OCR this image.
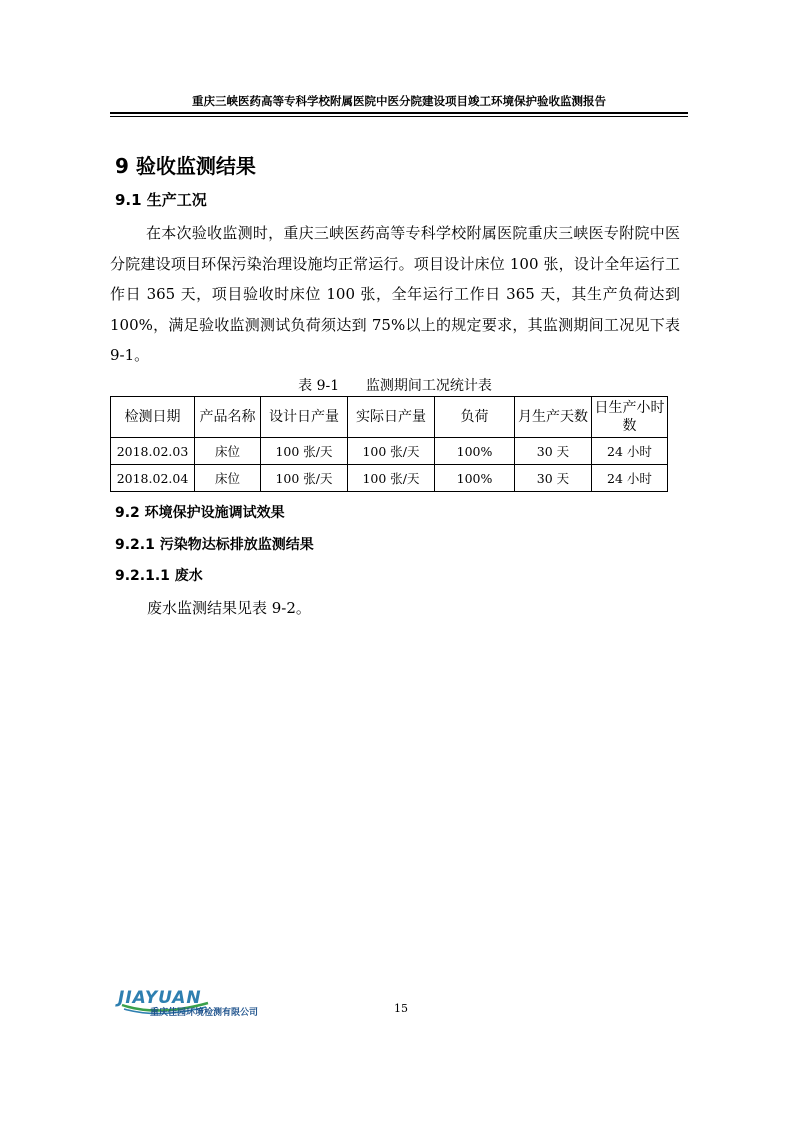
重庆三峡医药高等专科学校附属医院中医分院建设项目竣工环境保护验收监测报告
9 验收监测结果
9.1 生产工况
在本次验收监测时，重庆三峡医药高等专科学校附属医院重庆三峡医专附院中医分院建设项目环保污染治理设施均正常运行。项目设计床位 100 张，设计全年运行工作日 365 天，项目验收时床位 100 张，全年运行工作日 365 天，其生产负荷达到 100%，满足验收监测测试负荷须达到 75%以上的规定要求，其监测期间工况见下表 9-1。
表 9-1      监测期间工况统计表
检测日期	产品名称	设计日产量	实际日产量	负荷	月生产天数	日生产小时数
2018.02.03	床位	100 张/天	100 张/天	100%	30 天	24 小时
2018.02.04	床位	100 张/天	100 张/天	100%	30 天	24 小时
9.2 环境保护设施调试效果
9.2.1 污染物达标排放监测结果
9.2.1.1 废水
废水监测结果见表 9-2。
JIAYUAN
重庆佳园环境检测有限公司	15
